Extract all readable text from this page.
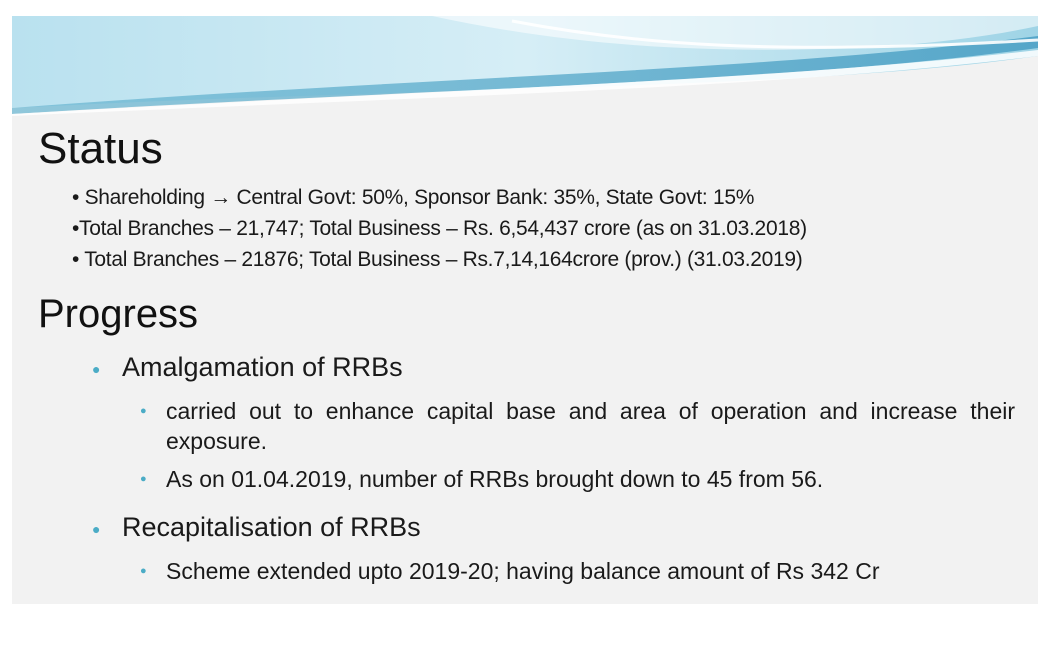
Status
• Shareholding → Central Govt: 50%, Sponsor Bank: 35%, State Govt: 15%
•Total Branches – 21,747; Total Business – Rs. 6,54,437 crore (as on 31.03.2018)
• Total Branches – 21876; Total Business – Rs.7,14,164crore (prov.) (31.03.2019)
Progress
● Amalgamation of RRBs
● carried out to enhance capital base and area of operation and increase their exposure.
● As on 01.04.2019, number of RRBs brought down to 45 from 56.
● Recapitalisation of RRBs
● Scheme extended upto 2019-20; having balance amount of Rs 342 Cr
